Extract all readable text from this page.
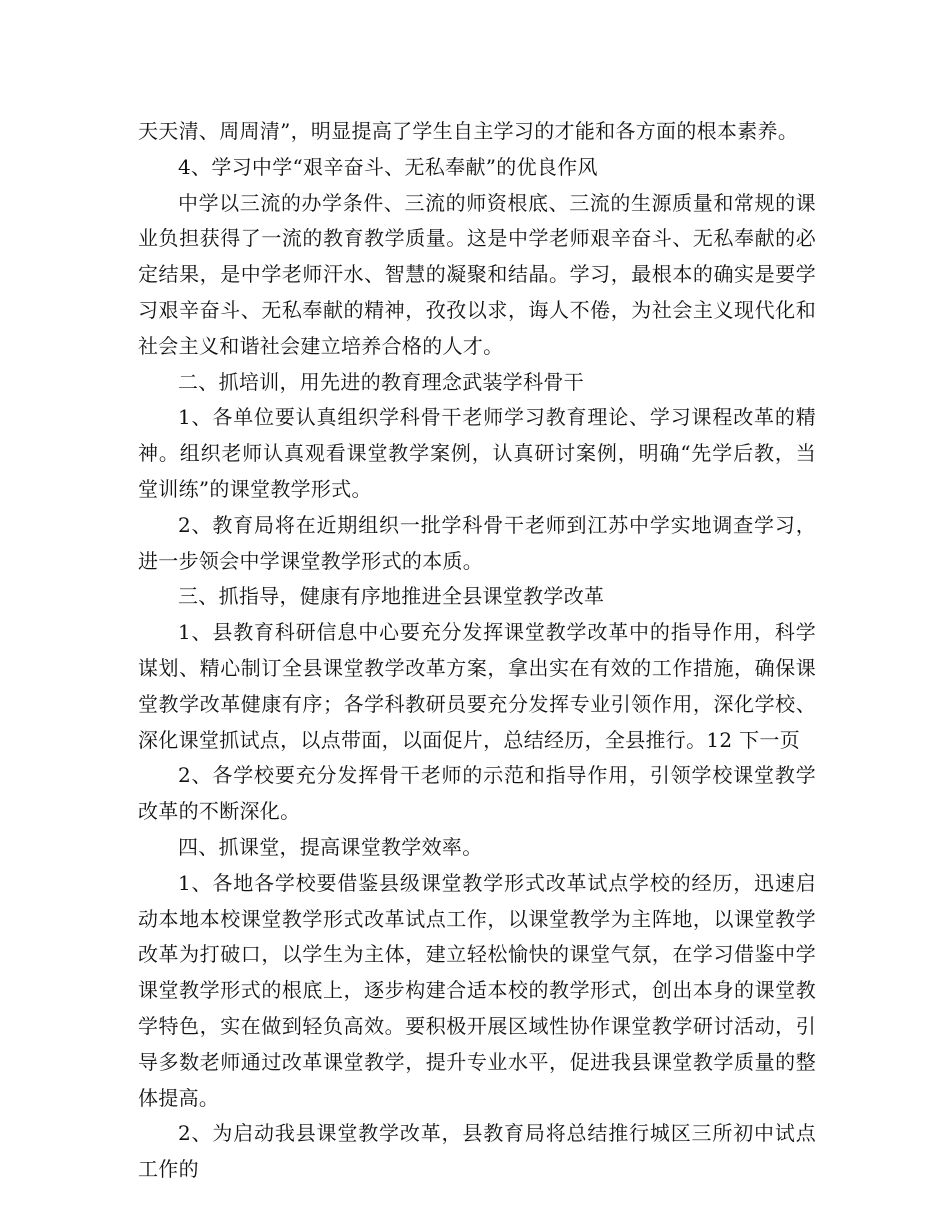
天天清、周周清”，明显提高了学生自主学习的才能和各方面的根本素养。

4、学习中学“艰辛奋斗、无私奉献”的优良作风

中学以三流的办学条件、三流的师资根底、三流的生源质量和常规的课业负担获得了一流的教育教学质量。这是中学老师艰辛奋斗、无私奉献的必定结果，是中学老师汗水、智慧的凝聚和结晶。学习，最根本的确实是要学习艰辛奋斗、无私奉献的精神，孜孜以求，诲人不倦，为社会主义现代化和社会主义和谐社会建立培养合格的人才。

二、抓培训，用先进的教育理念武装学科骨干

1、各单位要认真组织学科骨干老师学习教育理论、学习课程改革的精神。组织老师认真观看课堂教学案例，认真研讨案例，明确“先学后教，当堂训练”的课堂教学形式。

2、教育局将在近期组织一批学科骨干老师到江苏中学实地调查学习，进一步领会中学课堂教学形式的本质。

三、抓指导，健康有序地推进全县课堂教学改革

1、县教育科研信息中心要充分发挥课堂教学改革中的指导作用，科学谋划、精心制订全县课堂教学改革方案，拿出实在有效的工作措施，确保课堂教学改革健康有序；各学科教研员要充分发挥专业引领作用，深化学校、深化课堂抓试点，以点带面，以面促片，总结经历，全县推行。12 下一页

2、各学校要充分发挥骨干老师的示范和指导作用，引领学校课堂教学改革的不断深化。

四、抓课堂，提高课堂教学效率。

1、各地各学校要借鉴县级课堂教学形式改革试点学校的经历，迅速启动本地本校课堂教学形式改革试点工作，以课堂教学为主阵地，以课堂教学改革为打破口，以学生为主体，建立轻松愉快的课堂气氛，在学习借鉴中学课堂教学形式的根底上，逐步构建合适本校的教学形式，创出本身的课堂教学特色，实在做到轻负高效。要积极开展区域性协作课堂教学研讨活动，引导多数老师通过改革课堂教学，提升专业水平，促进我县课堂教学质量的整体提高。

2、为启动我县课堂教学改革，县教育局将总结推行城区三所初中试点工作的
